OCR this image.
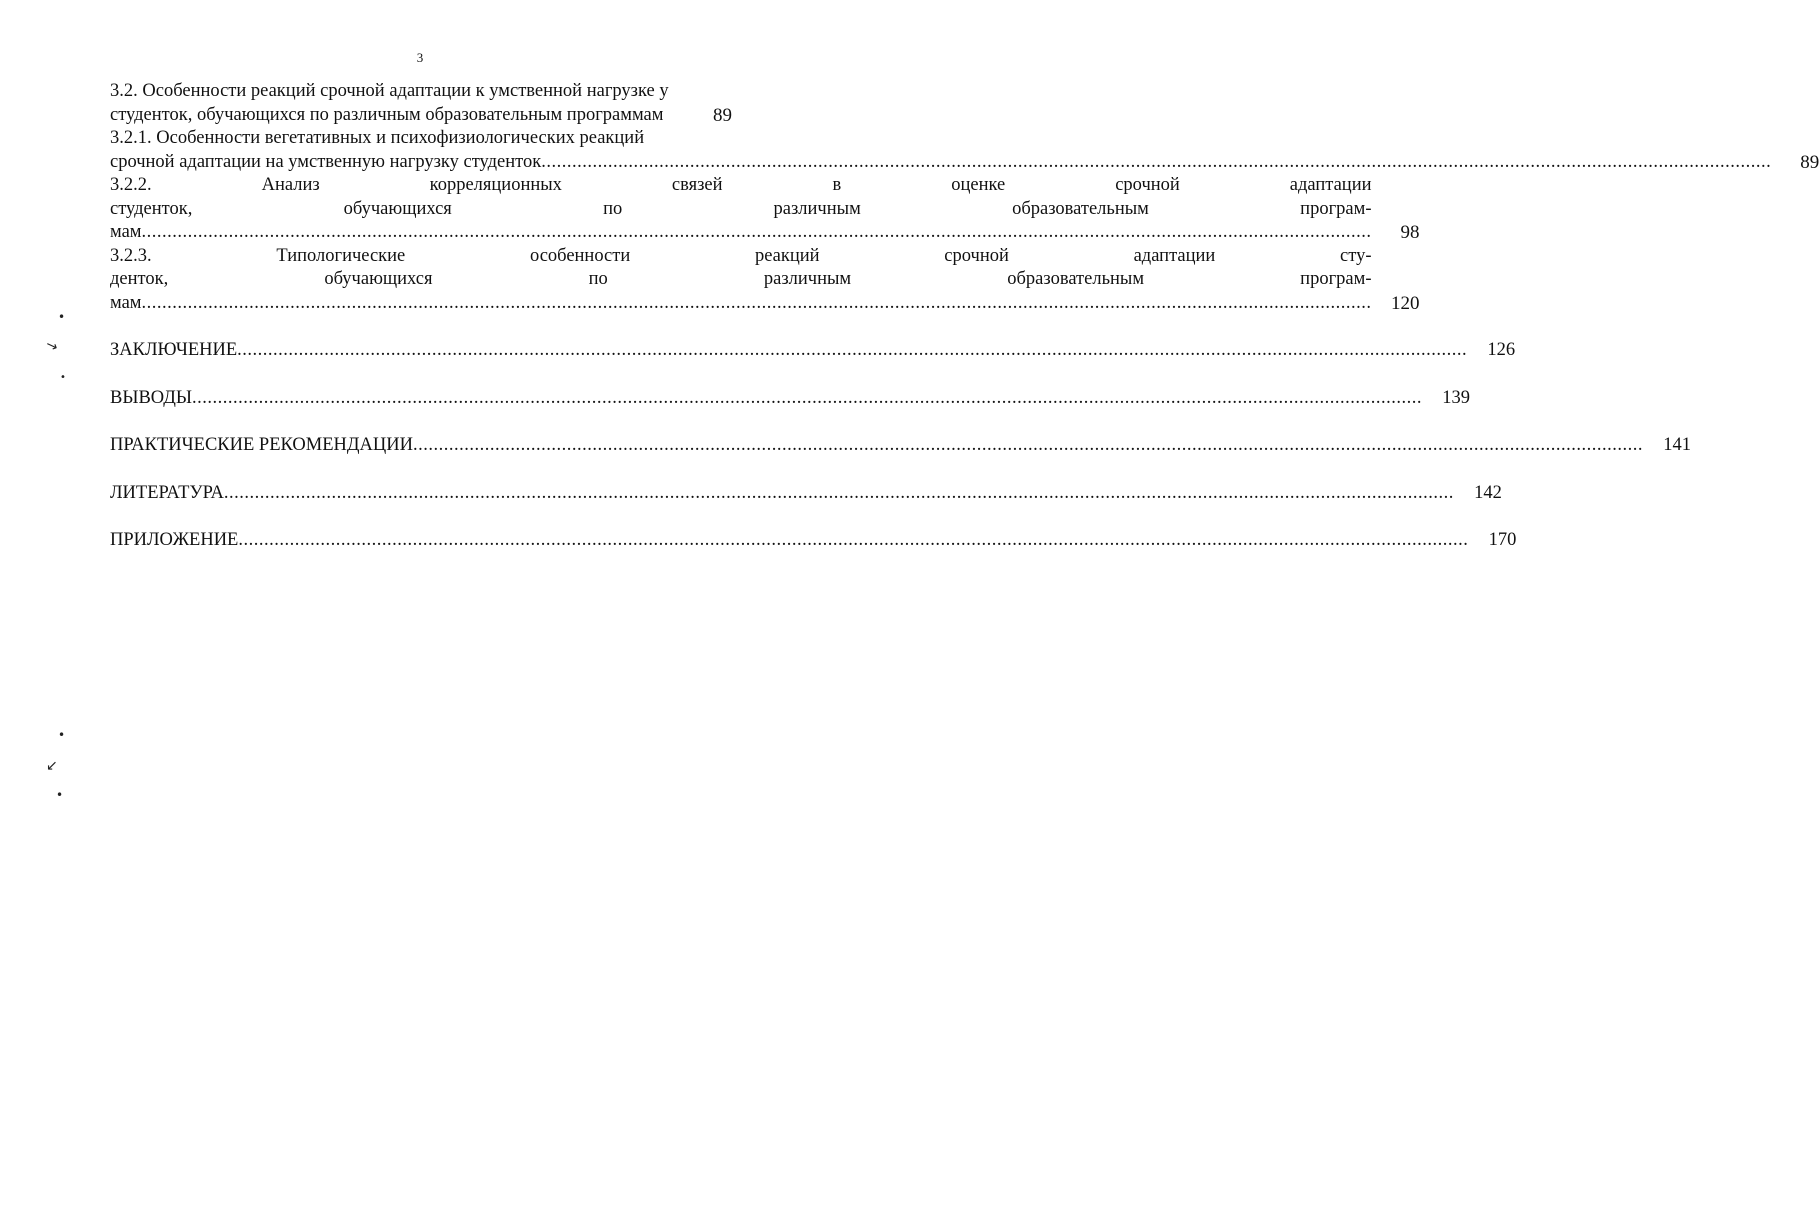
3
3.2. Особенности реакций срочной адаптации к умственной нагрузке у
студенток, обучающихся по различным образовательным программам	89
3.2.1. Особенности вегетативных и психофизиологических реакций
срочной адаптации на умственную нагрузку студенток .....	89
3.2.2. Анализ корреляционных связей в оценке срочной адаптации
студенток, обучающихся по различным образовательным програм-
мам .....	98
3.2.3. Типологические особенности реакций срочной адаптации сту-
денток, обучающихся по различным образовательным програм-
мам .....	120
ЗАКЛЮЧЕНИЕ .....	126
ВЫВОДЫ .....	139
ПРАКТИЧЕСКИЕ РЕКОМЕНДАЦИИ .....	141
ЛИТЕРАТУРА .....	142
ПРИЛОЖЕНИЕ .....	170
•
↘
•
•
↙
•
